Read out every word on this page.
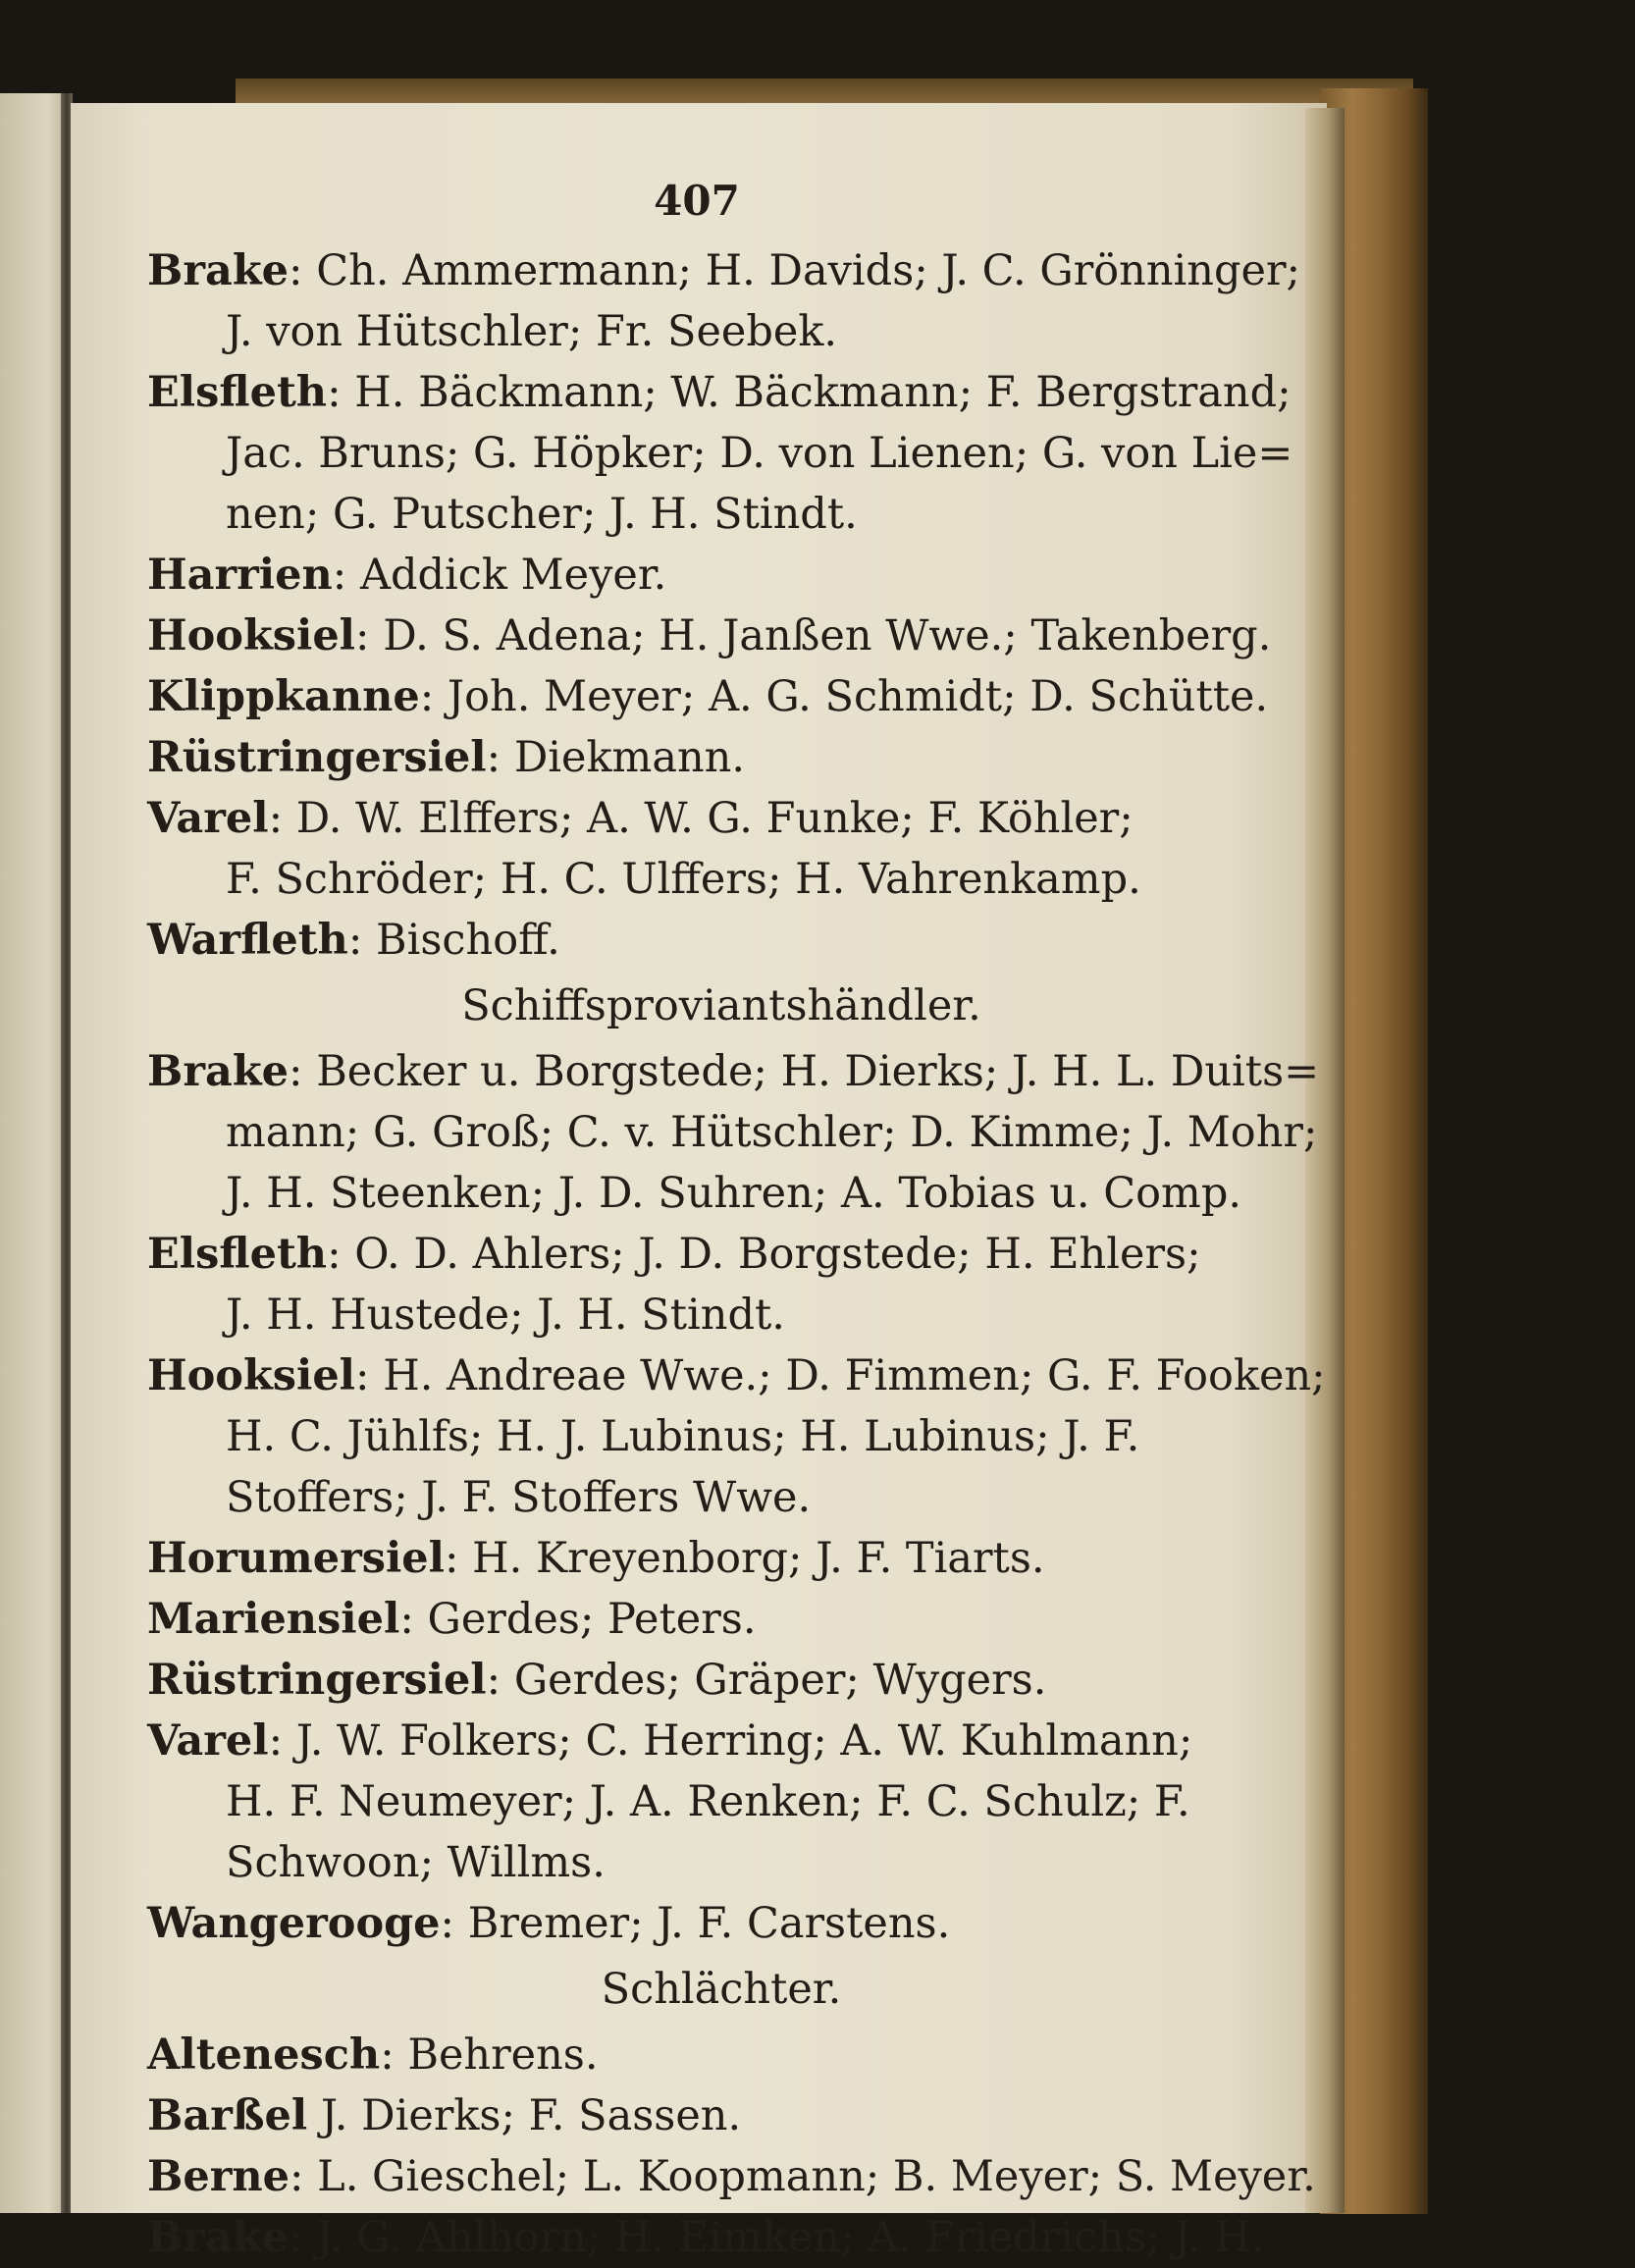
407
Brake: Ch. Ammermann; H. Davids; J. C. Grönninger;
J. von Hütschler; Fr. Seebek.
Elsfleth: H. Bäckmann; W. Bäckmann; F. Bergstrand;
Jac. Bruns; G. Höpker; D. von Lienen; G. von Lie=
nen; G. Putscher; J. H. Stindt.
Harrien: Addick Meyer.
Hooksiel: D. S. Adena; H. Janßen Wwe.; Takenberg.
Klippkanne: Joh. Meyer; A. G. Schmidt; D. Schütte.
Rüstringersiel: Diekmann.
Varel: D. W. Elffers; A. W. G. Funke; F. Köhler;
F. Schröder; H. C. Ulffers; H. Vahrenkamp.
Warfleth: Bischoff.
Schiffsproviantshändler.
Brake: Becker u. Borgstede; H. Dierks; J. H. L. Duits=
mann; G. Groß; C. v. Hütschler; D. Kimme; J. Mohr;
J. H. Steenken; J. D. Suhren; A. Tobias u. Comp.
Elsfleth: O. D. Ahlers; J. D. Borgstede; H. Ehlers;
J. H. Hustede; J. H. Stindt.
Hooksiel: H. Andreae Wwe.; D. Fimmen; G. F. Fooken;
H. C. Jühlfs; H. J. Lubinus; H. Lubinus; J. F.
Stoffers; J. F. Stoffers Wwe.
Horumersiel: H. Kreyenborg; J. F. Tiarts.
Mariensiel: Gerdes; Peters.
Rüstringersiel: Gerdes; Gräper; Wygers.
Varel: J. W. Folkers; C. Herring; A. W. Kuhlmann;
H. F. Neumeyer; J. A. Renken; F. C. Schulz; F.
Schwoon; Willms.
Wangerooge: Bremer; J. F. Carstens.
Schlächter.
Altenesch: Behrens.
Barßel J. Dierks; F. Sassen.
Berne: L. Gieschel; L. Koopmann; B. Meyer; S. Meyer.
Brake: J. G. Ahlhorn; H. Eimken; A. Friedrichs; J. H.
